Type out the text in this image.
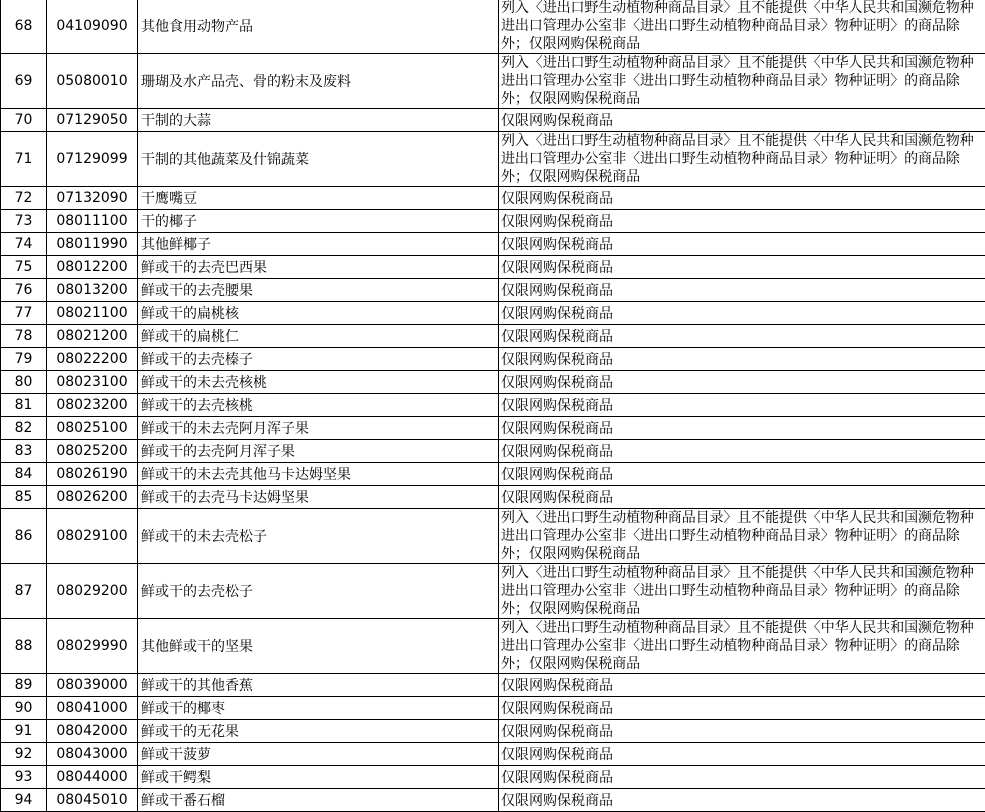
68	04109090	其他食用动物产品	列入〈进出口野生动植物种商品目录〉且不能提供〈中华人民共和国濒危物种进出口管理办公室非〈进出口野生动植物种商品目录〉物种证明〉的商品除外；仅限网购保税商品
69	05080010	珊瑚及水产品壳、骨的粉末及废料	列入〈进出口野生动植物种商品目录〉且不能提供〈中华人民共和国濒危物种进出口管理办公室非〈进出口野生动植物种商品目录〉物种证明〉的商品除外；仅限网购保税商品
70	07129050	干制的大蒜	仅限网购保税商品
71	07129099	干制的其他蔬菜及什锦蔬菜	列入〈进出口野生动植物种商品目录〉且不能提供〈中华人民共和国濒危物种进出口管理办公室非〈进出口野生动植物种商品目录〉物种证明〉的商品除外；仅限网购保税商品
72	07132090	干鹰嘴豆	仅限网购保税商品
73	08011100	干的椰子	仅限网购保税商品
74	08011990	其他鲜椰子	仅限网购保税商品
75	08012200	鲜或干的去壳巴西果	仅限网购保税商品
76	08013200	鲜或干的去壳腰果	仅限网购保税商品
77	08021100	鲜或干的扁桃核	仅限网购保税商品
78	08021200	鲜或干的扁桃仁	仅限网购保税商品
79	08022200	鲜或干的去壳榛子	仅限网购保税商品
80	08023100	鲜或干的未去壳核桃	仅限网购保税商品
81	08023200	鲜或干的去壳核桃	仅限网购保税商品
82	08025100	鲜或干的未去壳阿月浑子果	仅限网购保税商品
83	08025200	鲜或干的去壳阿月浑子果	仅限网购保税商品
84	08026190	鲜或干的未去壳其他马卡达姆坚果	仅限网购保税商品
85	08026200	鲜或干的去壳马卡达姆坚果	仅限网购保税商品
86	08029100	鲜或干的未去壳松子	列入〈进出口野生动植物种商品目录〉且不能提供〈中华人民共和国濒危物种进出口管理办公室非〈进出口野生动植物种商品目录〉物种证明〉的商品除外；仅限网购保税商品
87	08029200	鲜或干的去壳松子	列入〈进出口野生动植物种商品目录〉且不能提供〈中华人民共和国濒危物种进出口管理办公室非〈进出口野生动植物种商品目录〉物种证明〉的商品除外；仅限网购保税商品
88	08029990	其他鲜或干的坚果	列入〈进出口野生动植物种商品目录〉且不能提供〈中华人民共和国濒危物种进出口管理办公室非〈进出口野生动植物种商品目录〉物种证明〉的商品除外；仅限网购保税商品
89	08039000	鲜或干的其他香蕉	仅限网购保税商品
90	08041000	鲜或干的椰枣	仅限网购保税商品
91	08042000	鲜或干的无花果	仅限网购保税商品
92	08043000	鲜或干菠萝	仅限网购保税商品
93	08044000	鲜或干鳄梨	仅限网购保税商品
94	08045010	鲜或干番石榴	仅限网购保税商品
